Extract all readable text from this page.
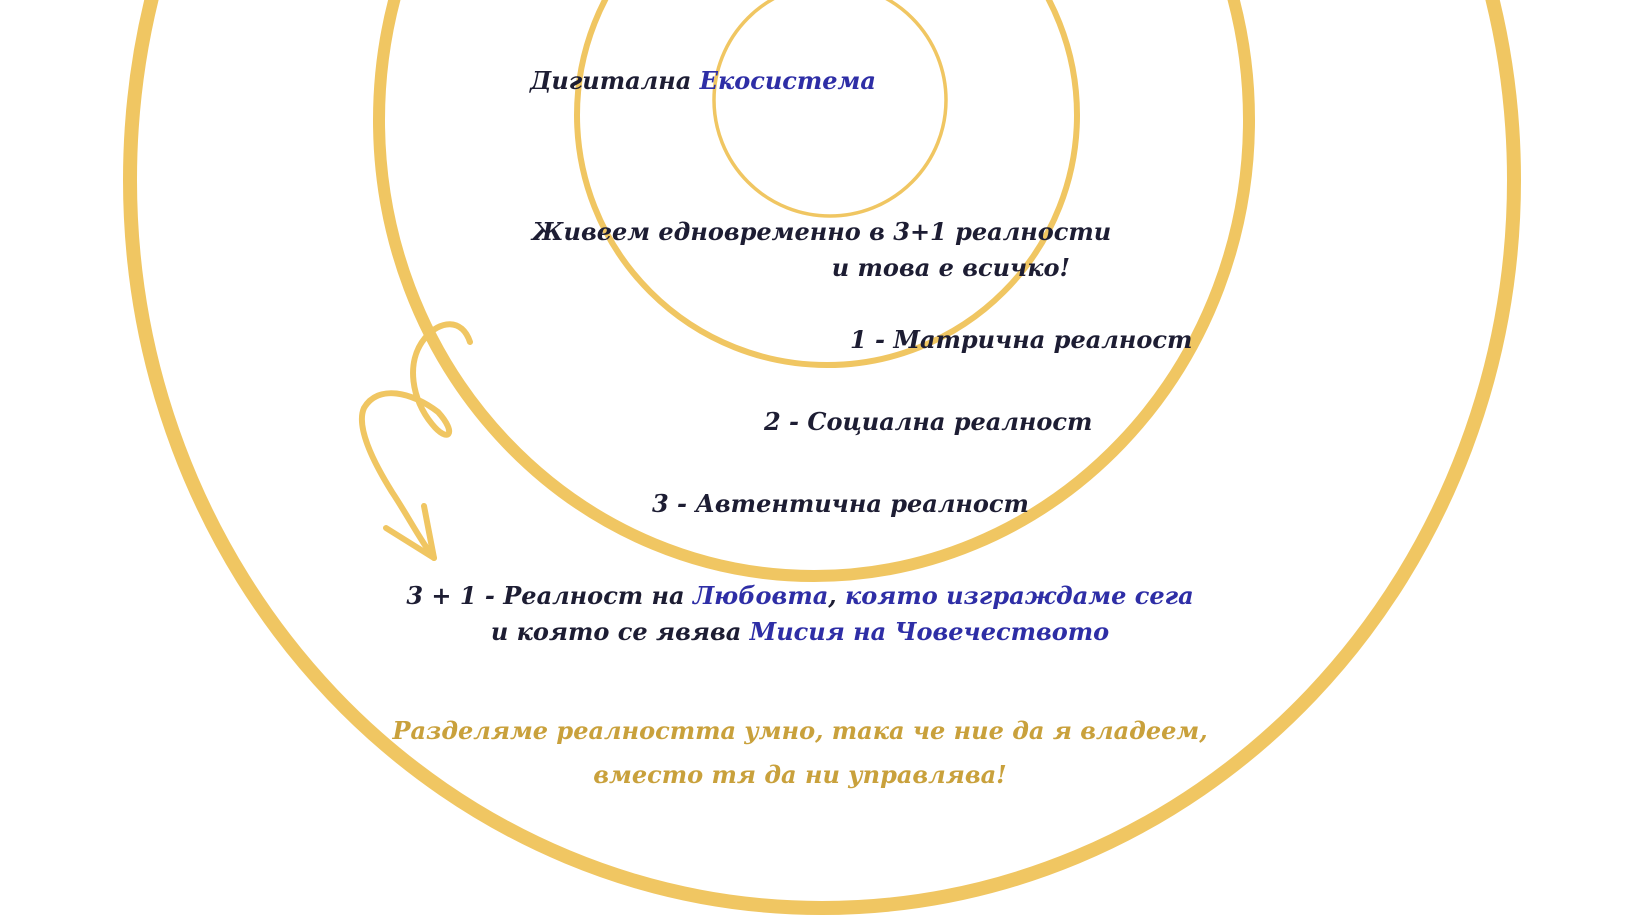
Дигитална Екосистема
Живеем едновременно в 3+1 реалности
и това е всичко!
1 - Матрична реалност
2 - Социална реалност
3 - Автентична реалност
3 + 1 - Реалност на Любовта, която изграждаме сега
и която се явява Мисия на Човечеството
Разделяме реалността умно, така че ние да я владеем,
вместо тя да ни управлява!
